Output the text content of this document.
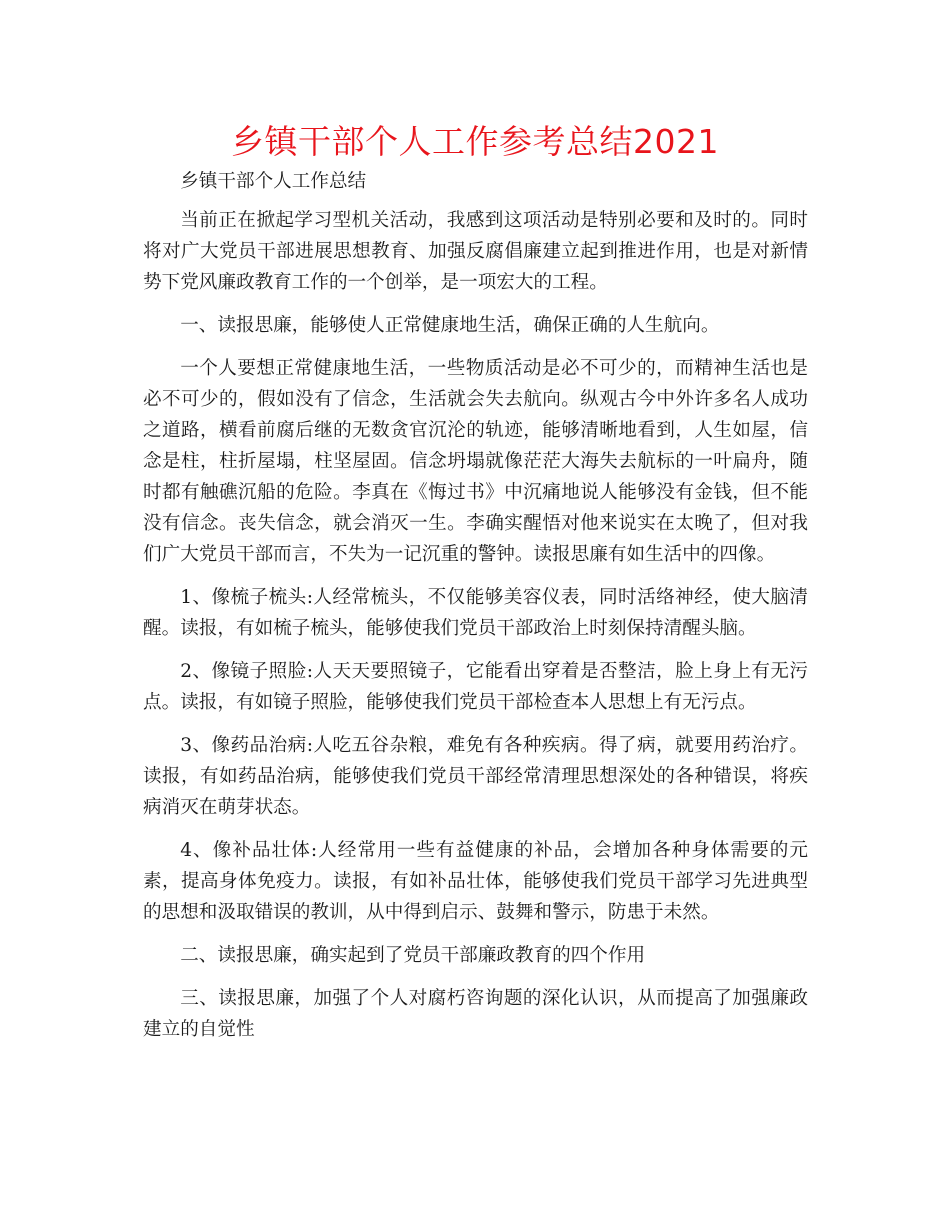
乡镇干部个人工作参考总结2021

乡镇干部个人工作总结

当前正在掀起学习型机关活动，我感到这项活动是特别必要和及时的。同时将对广大党员干部进展思想教育、加强反腐倡廉建立起到推进作用，也是对新情势下党风廉政教育工作的一个创举，是一项宏大的工程。

一、读报思廉，能够使人正常健康地生活，确保正确的人生航向。

一个人要想正常健康地生活，一些物质活动是必不可少的，而精神生活也是必不可少的，假如没有了信念，生活就会失去航向。纵观古今中外许多名人成功之道路，横看前腐后继的无数贪官沉沦的轨迹，能够清晰地看到，人生如屋，信念是柱，柱折屋塌，柱坚屋固。信念坍塌就像茫茫大海失去航标的一叶扁舟，随时都有触礁沉船的危险。李真在《悔过书》中沉痛地说人能够没有金钱，但不能没有信念。丧失信念，就会消灭一生。李确实醒悟对他来说实在太晚了，但对我们广大党员干部而言，不失为一记沉重的警钟。读报思廉有如生活中的四像。

1、像梳子梳头:人经常梳头，不仅能够美容仪表，同时活络神经，使大脑清醒。读报，有如梳子梳头，能够使我们党员干部政治上时刻保持清醒头脑。

2、像镜子照脸:人天天要照镜子，它能看出穿着是否整洁，脸上身上有无污点。读报，有如镜子照脸，能够使我们党员干部检查本人思想上有无污点。

3、像药品治病:人吃五谷杂粮，难免有各种疾病。得了病，就要用药治疗。读报，有如药品治病，能够使我们党员干部经常清理思想深处的各种错误，将疾病消灭在萌芽状态。

4、像补品壮体:人经常用一些有益健康的补品，会增加各种身体需要的元素，提高身体免疫力。读报，有如补品壮体，能够使我们党员干部学习先进典型的思想和汲取错误的教训，从中得到启示、鼓舞和警示，防患于未然。

二、读报思廉，确实起到了党员干部廉政教育的四个作用

三、读报思廉，加强了个人对腐朽咨询题的深化认识，从而提高了加强廉政建立的自觉性
